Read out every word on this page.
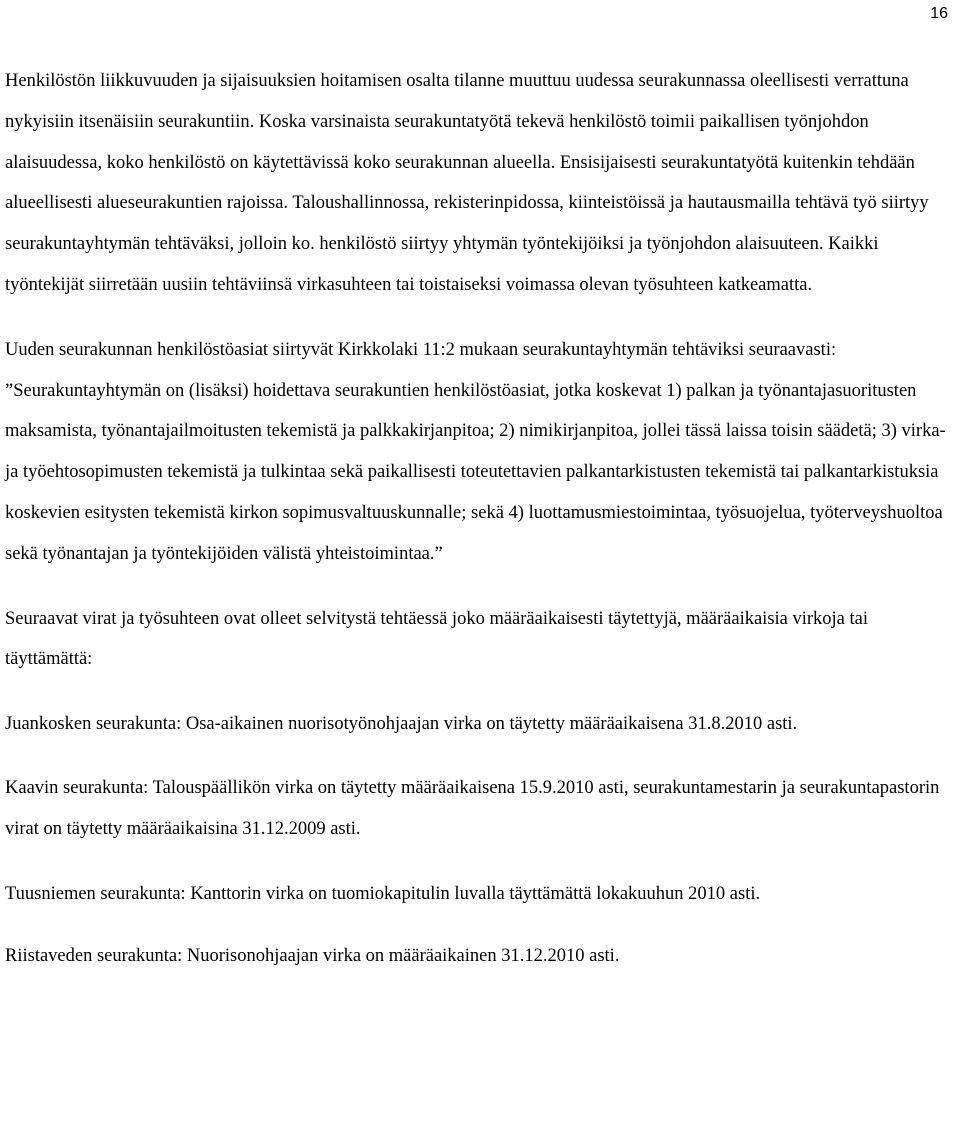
16

Henkilöstön liikkuvuuden ja sijaisuuksien hoitamisen osalta tilanne muuttuu uudessa seurakunnassa oleellisesti verrattuna nykyisiin itsenäisiin seurakuntiin. Koska varsinaista seurakuntatyötä tekevä henkilöstö toimii paikallisen työnjohdon alaisuudessa, koko henkilöstö on käytettävissä koko seurakunnan alueella. Ensisijaisesti seurakuntatyötä kuitenkin tehdään alueellisesti alueseurakuntien rajoissa. Taloushallinnossa, rekisterinpidossa, kiinteistöissä ja hautausmailla tehtävä työ siirtyy seurakuntayhtymän tehtäväksi, jolloin ko. henkilöstö siirtyy yhtymän työntekijöiksi ja työnjohdon alaisuuteen. Kaikki työntekijät siirretään uusiin tehtäviinsä virkasuhteen tai toistaiseksi voimassa olevan työsuhteen katkeamatta.

Uuden seurakunnan henkilöstöasiat siirtyvät Kirkkolaki 11:2 mukaan seurakuntayhtymän tehtäviksi seuraavasti: ”Seurakuntayhtymän on (lisäksi) hoidettava seurakuntien henkilöstöasiat, jotka koskevat 1) palkan ja työnantajasuoritusten maksamista, työnantajailmoitusten tekemistä ja palkkakirjanpitoa; 2) nimikirjanpitoa, jollei tässä laissa toisin säädetä; 3) virka- ja työehtosopimusten tekemistä ja tulkintaa sekä paikallisesti toteutettavien palkantarkistusten tekemistä tai palkantarkistuksia koskevien esitysten tekemistä kirkon sopimusvaltuuskunnalle; sekä 4) luottamusmiestoimintaa, työsuojelua, työterveyshuoltoa sekä työnantajan ja työntekijöiden välistä yhteistoimintaa.”

Seuraavat virat ja työsuhteen ovat olleet selvitystä tehtäessä joko määräaikaisesti täytettyjä, määräaikaisia virkoja tai täyttämättä:

Juankosken seurakunta: Osa-aikainen nuorisotyönohjaajan virka on täytetty määräaikaisena 31.8.2010 asti.

Kaavin seurakunta: Talouspäällikön virka on täytetty määräaikaisena 15.9.2010 asti, seurakuntamestarin ja seurakuntapastorin virat on täytetty määräaikaisina 31.12.2009 asti.

Tuusniemen seurakunta: Kanttorin virka on tuomiokapitulin luvalla täyttämättä lokakuuhun 2010 asti.

Riistaveden seurakunta: Nuorisonohjaajan virka on määräaikainen 31.12.2010 asti.
